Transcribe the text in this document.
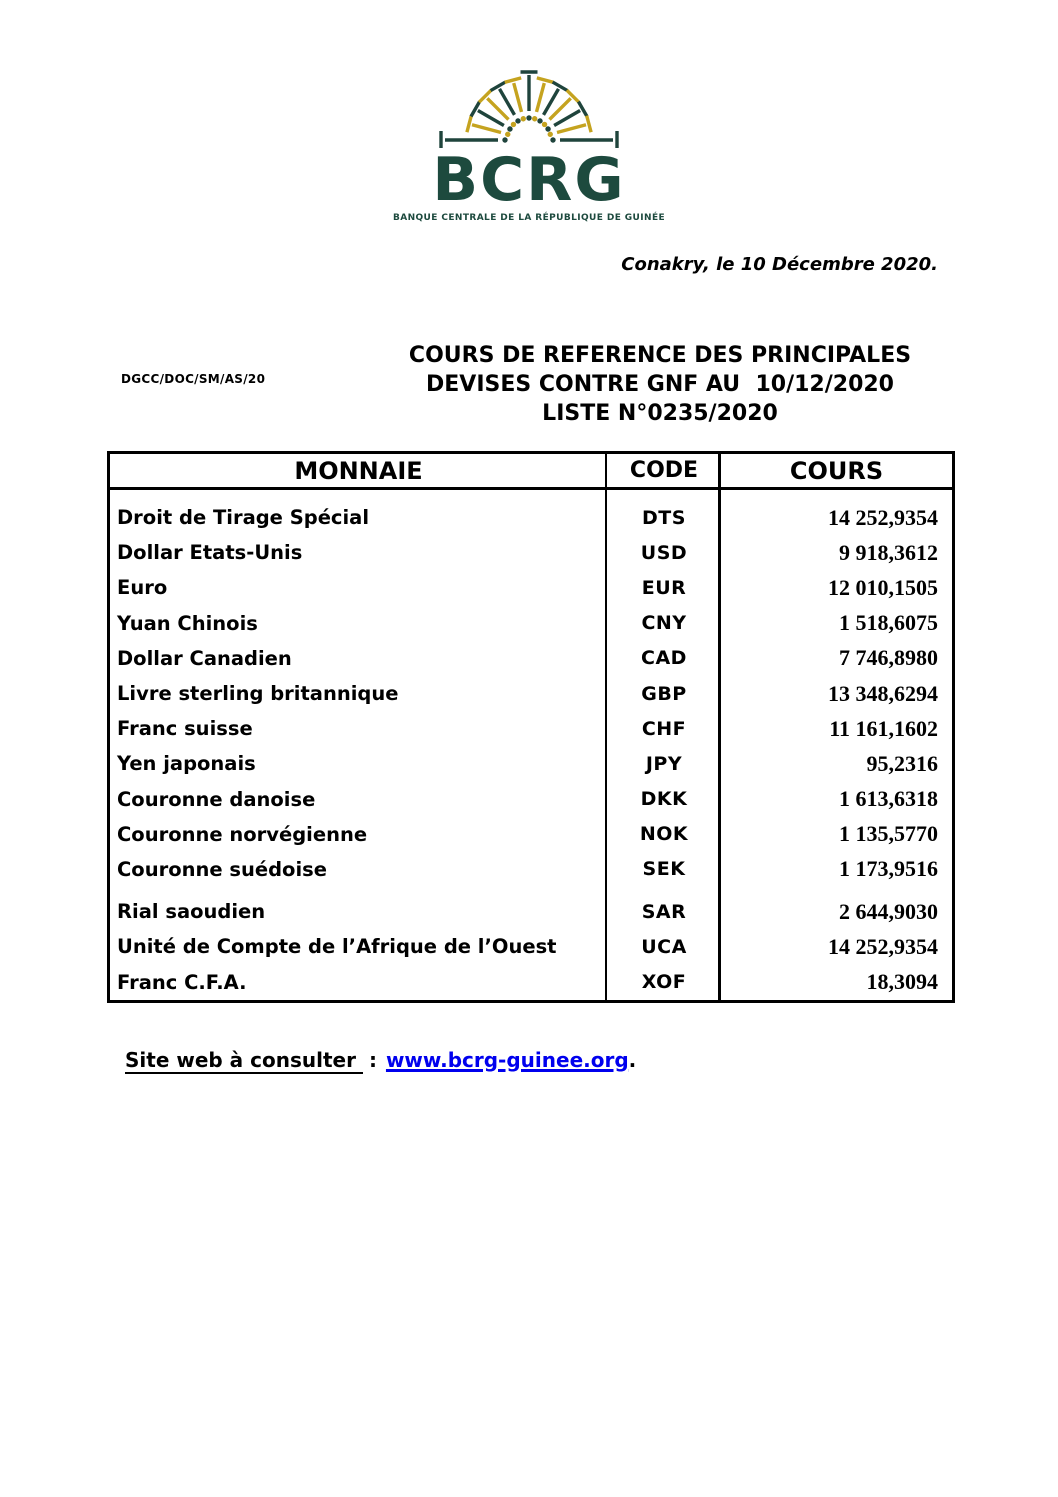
BCRG
BANQUE CENTRALE DE LA RÉPUBLIQUE DE GUINÉE
Conakry, le 10 Décembre 2020.
DGCC/DOC/SM/AS/20
COURS DE REFERENCE DES PRINCIPALES
DEVISES CONTRE GNF AU  10/12/2020
LISTE N°0235/2020
MONNAIE	CODE	COURS
Droit de Tirage Spécial	DTS	14 252,9354
Dollar Etats-Unis	USD	9 918,3612
Euro	EUR	12 010,1505
Yuan Chinois	CNY	1 518,6075
Dollar Canadien	CAD	7 746,8980
Livre sterling britannique	GBP	13 348,6294
Franc suisse	CHF	11 161,1602
Yen japonais	JPY	95,2316
Couronne danoise	DKK	1 613,6318
Couronne norvégienne	NOK	1 135,5770
Couronne suédoise	SEK	1 173,9516
Rial saoudien	SAR	2 644,9030
Unité de Compte de l’Afrique de l’Ouest	UCA	14 252,9354
Franc C.F.A.	XOF	18,3094
Site web à consulter : www.bcrg-guinee.org.
